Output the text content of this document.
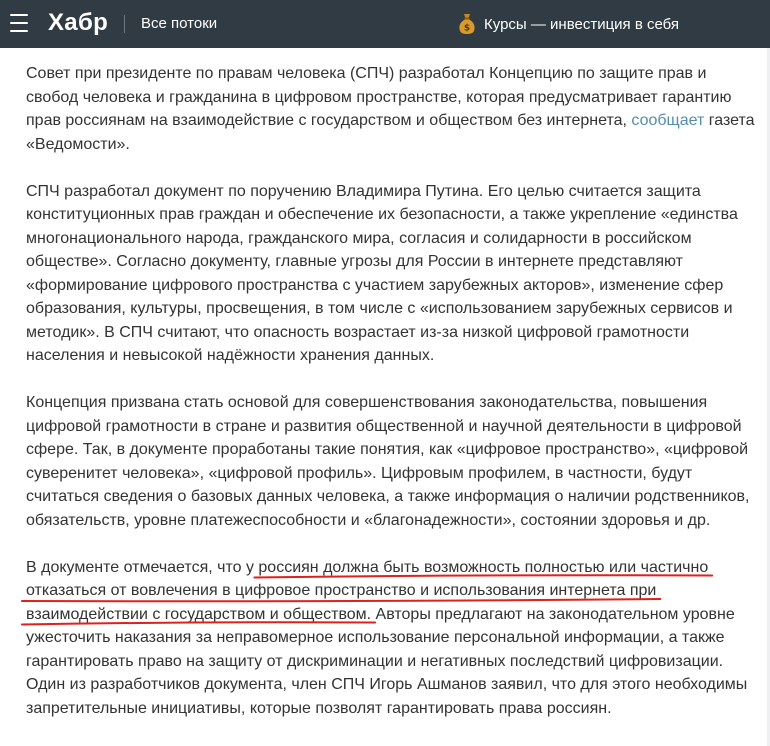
Хабр Все потоки	$ Курсы — инвестиция в себя

Совет при президенте по правам человека (СПЧ) разработал Концепцию по защите прав и свобод человека и гражданина в цифровом пространстве, которая предусматривает гарантию прав россиянам на взаимодействие с государством и обществом без интернета, сообщает газета «Ведомости».

СПЧ разработал документ по поручению Владимира Путина. Его целью считается защита конституционных прав граждан и обеспечение их безопасности, а также укрепление «единства многонационального народа, гражданского мира, согласия и солидарности в российском обществе». Согласно документу, главные угрозы для России в интернете представляют «формирование цифрового пространства с участием зарубежных акторов», изменение сфер образования, культуры, просвещения, в том числе с «использованием зарубежных сервисов и методик». В СПЧ считают, что опасность возрастает из-за низкой цифровой грамотности населения и невысокой надёжности хранения данных.

Концепция призвана стать основой для совершенствования законодательства, повышения цифровой грамотности в стране и развития общественной и научной деятельности в цифровой сфере. Так, в документе проработаны такие понятия, как «цифровое пространство», «цифровой суверенитет человека», «цифровой профиль». Цифровым профилем, в частности, будут считаться сведения о базовых данных человека, а также информация о наличии родственников, обязательств, уровне платежеспособности и «благонадежности», состоянии здоровья и др.

В документе отмечается, что у россиян должна быть возможность полностью или частично отказаться от вовлечения в цифровое пространство и использования интернета при взаимодействии с государством и обществом. Авторы предлагают на законодательном уровне ужесточить наказания за неправомерное использование персональной информации, а также гарантировать право на защиту от дискриминации и негативных последствий цифровизации. Один из разработчиков документа, член СПЧ Игорь Ашманов заявил, что для этого необходимы запретительные инициативы, которые позволят гарантировать права россиян.
